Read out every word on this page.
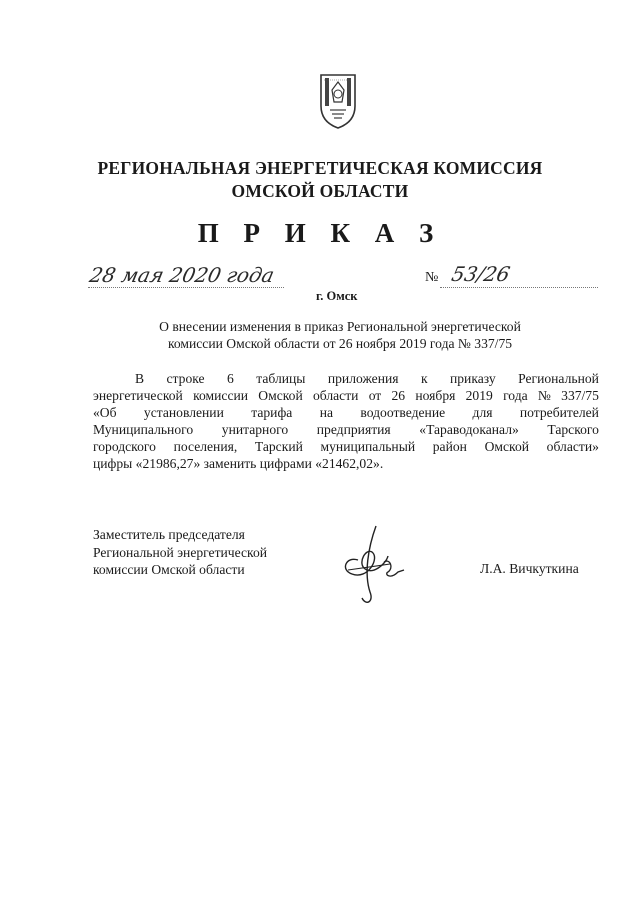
РЕГИОНАЛЬНАЯ ЭНЕРГЕТИЧЕСКАЯ КОМИССИЯ
ОМСКОЙ ОБЛАСТИ
П Р И К А З
28 мая 2020 года	№ 53/26
г. Омск
О внесении изменения в приказ Региональной энергетической
комиссии Омской области от 26 ноября 2019 года № 337/75
В строке 6 таблицы приложения к приказу Региональной
энергетической комиссии Омской области от 26 ноября 2019 года № 337/75
«Об установлении тарифа на водоотведение для потребителей
Муниципального унитарного предприятия «Тараводоканал» Тарского
городского поселения, Тарский муниципальный район Омской области»
цифры «21986,27» заменить цифрами «21462,02».
Заместитель председателя
Региональной энергетической
комиссии Омской области	Л.А. Вичкуткина
